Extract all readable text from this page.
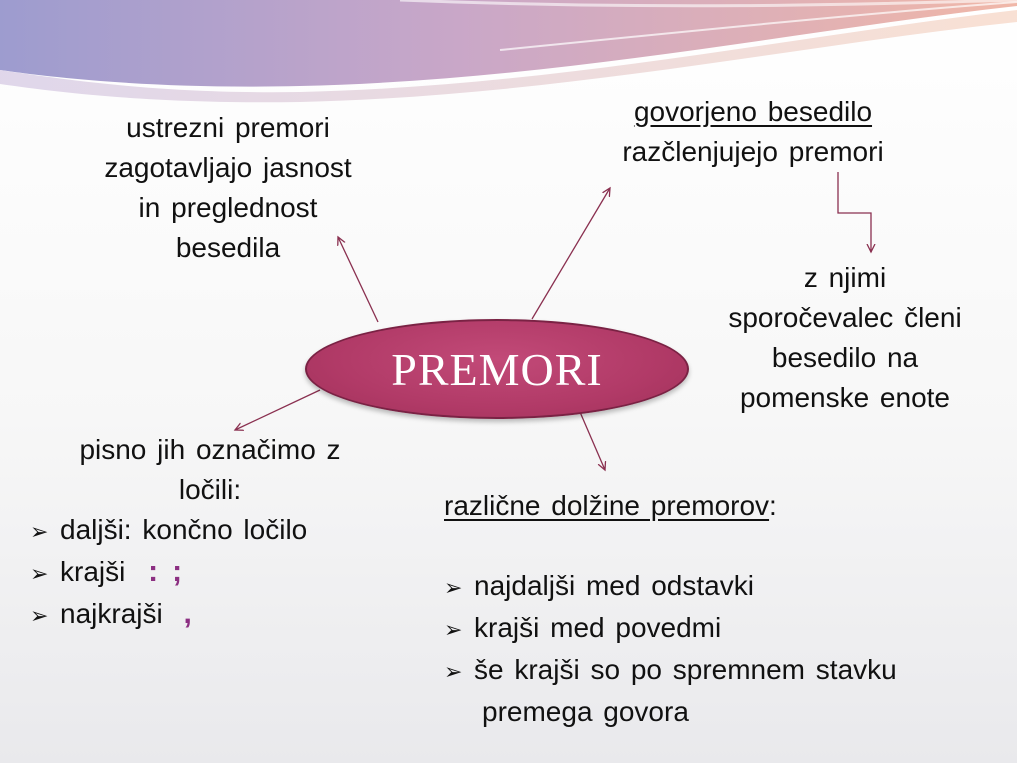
ustrezni premori
zagotavljajo jasnost
in preglednost
besedila
govorjeno besedilo
razčlenjujejo premori
z njimi
sporočevalec členi
besedilo na
pomenske enote
PREMORI
pisno jih označimo z
ločili:
➢ daljši: končno ločilo
➢ krajši : ;
➢ najkrajši ,
različne dolžine premorov:
➢ najdaljši med odstavki
➢ krajši med povedmi
➢ še krajši so po spremnem stavku
premega govora
